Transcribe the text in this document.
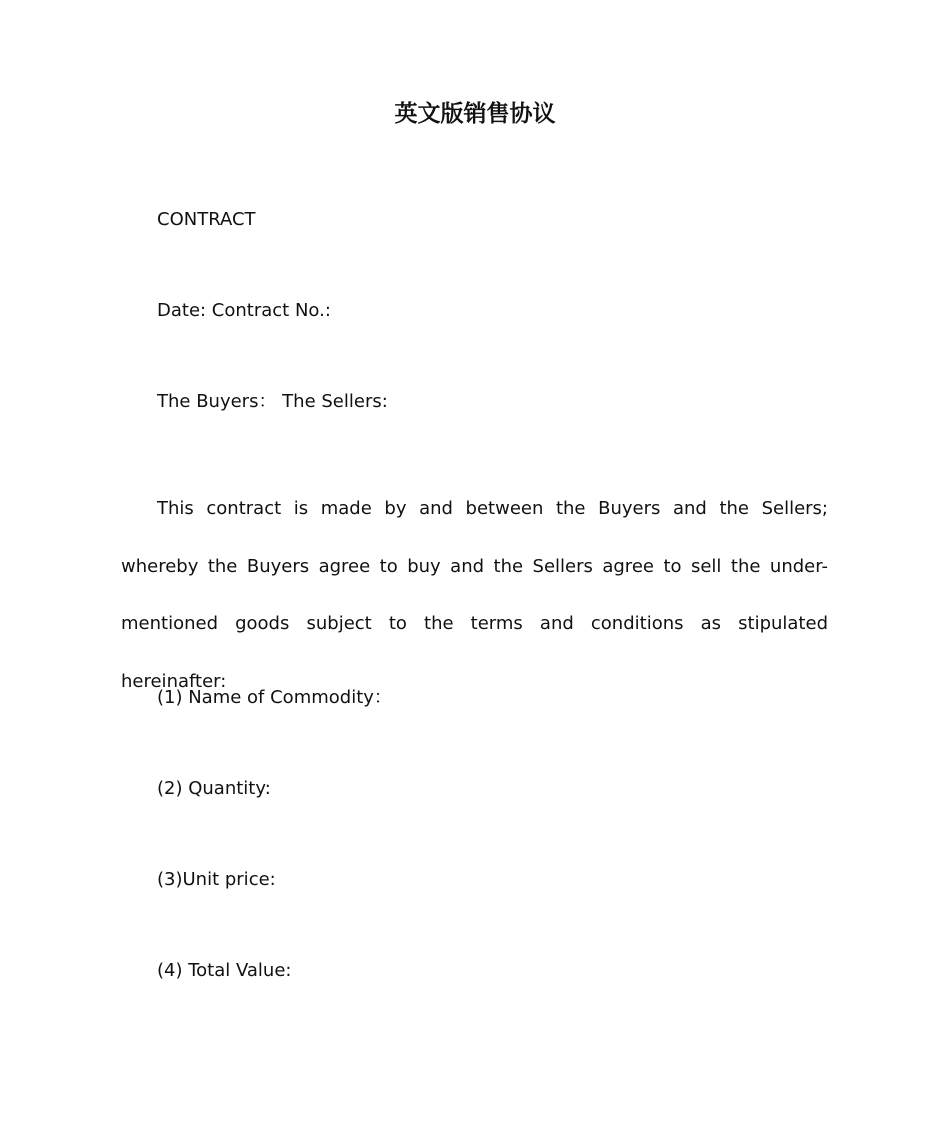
英文版销售协议
CONTRACT
Date: Contract No.:
The Buyers： The Sellers:
This contract is made by and between the Buyers and the Sellers; whereby the Buyers agree to buy and the Sellers agree to sell the under-mentioned goods subject to the terms and conditions as stipulated hereinafter:
(1) Name of Commodity：
(2) Quantity:
(3)Unit price:
(4) Total Value:
